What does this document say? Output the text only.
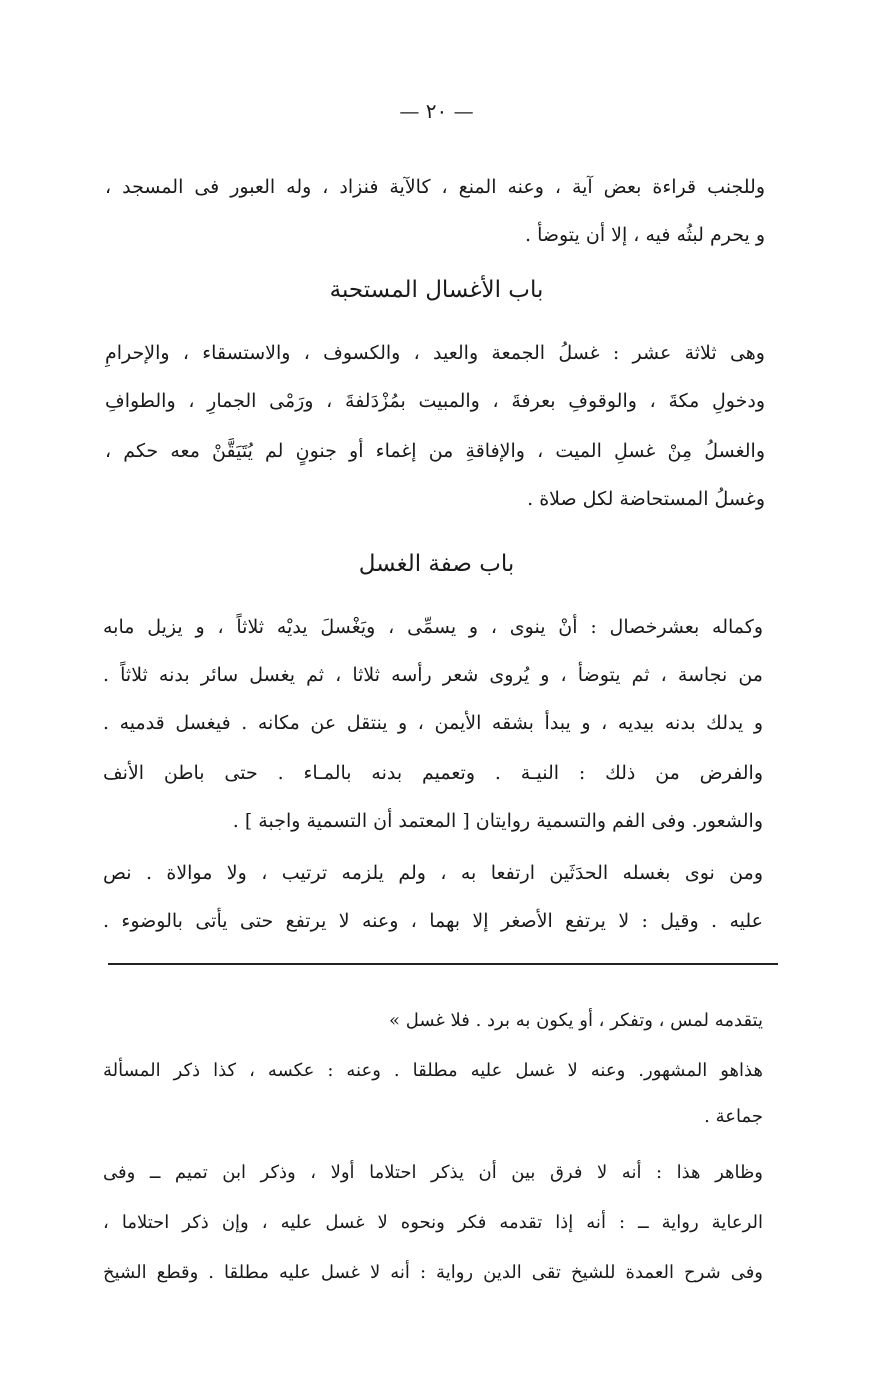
— ٢٠ —
وللجنب قراءة بعض آية ، وعنه المنع ، كالآية فنزاد ، وله العبور فى المسجد ،
و يحرم لبثُه فيه ، إلا أن يتوضأ .
باب الأغسال المستحبة
وهى ثلاثة عشر : غسلُ الجمعة والعيد ، والكسوف ، والاستسقاء ، والإحرامِ
ودخولِ مكةَ ، والوقوفِ بعرفةَ ، والمبيت بمُزْدَلفةَ ، ورَمْى الجمارِ ، والطوافِ
والغسلُ مِنْ غسلِ الميت ، والإفاقةِ من إغماء أو جنونٍ لم يُتَيَقَّنْ معه حكم ،
وغسلُ المستحاضة لكل صلاة .
باب صفة الغسل
وكماله بعشرخصال : أنْ ينوى ، و يسمِّى ، ويَغْسلَ يديْه ثلاثاً ، و يزيل مابه
من نجاسة ، ثم يتوضأ ، و يُروى شعر رأسه ثلاثا ، ثم يغسل سائر بدنه ثلاثاً .
و يدلك بدنه بيديه ، و يبدأ بشقه الأيمن ، و ينتقل عن مكانه . فيغسل قدميه .
والفرض من ذلك : النيـة . وتعميم بدنه بالمـاء . حتى باطن الأنف
والشعور. وفى الفم والتسمية روايتان [ المعتمد أن التسمية واجبة ] .
ومن نوى بغسله الحدَثَين ارتفعا به ، ولم يلزمه ترتيب ، ولا موالاة . نص
عليه . وقيل : لا يرتفع الأصغر إلا بهما ، وعنه لا يرتفع حتى يأتى بالوضوء .
يتقدمه لمس ، وتفكر ، أو يكون به برد . فلا غسل »
هذاهو المشهور. وعنه لا غسل عليه مطلقا . وعنه : عكسه ، كذا ذكر المسألة
جماعة .
وظاهر هذا : أنه لا فرق بين أن يذكر احتلاما أولا ، وذكر ابن تميم ــ وفى
الرعاية رواية ــ : أنه إذا تقدمه فكر ونحوه لا غسل عليه ، وإن ذكر احتلاما ،
وفى شرح العمدة للشيخ تقى الدين رواية : أنه لا غسل عليه مطلقا . وقطع الشيخ
